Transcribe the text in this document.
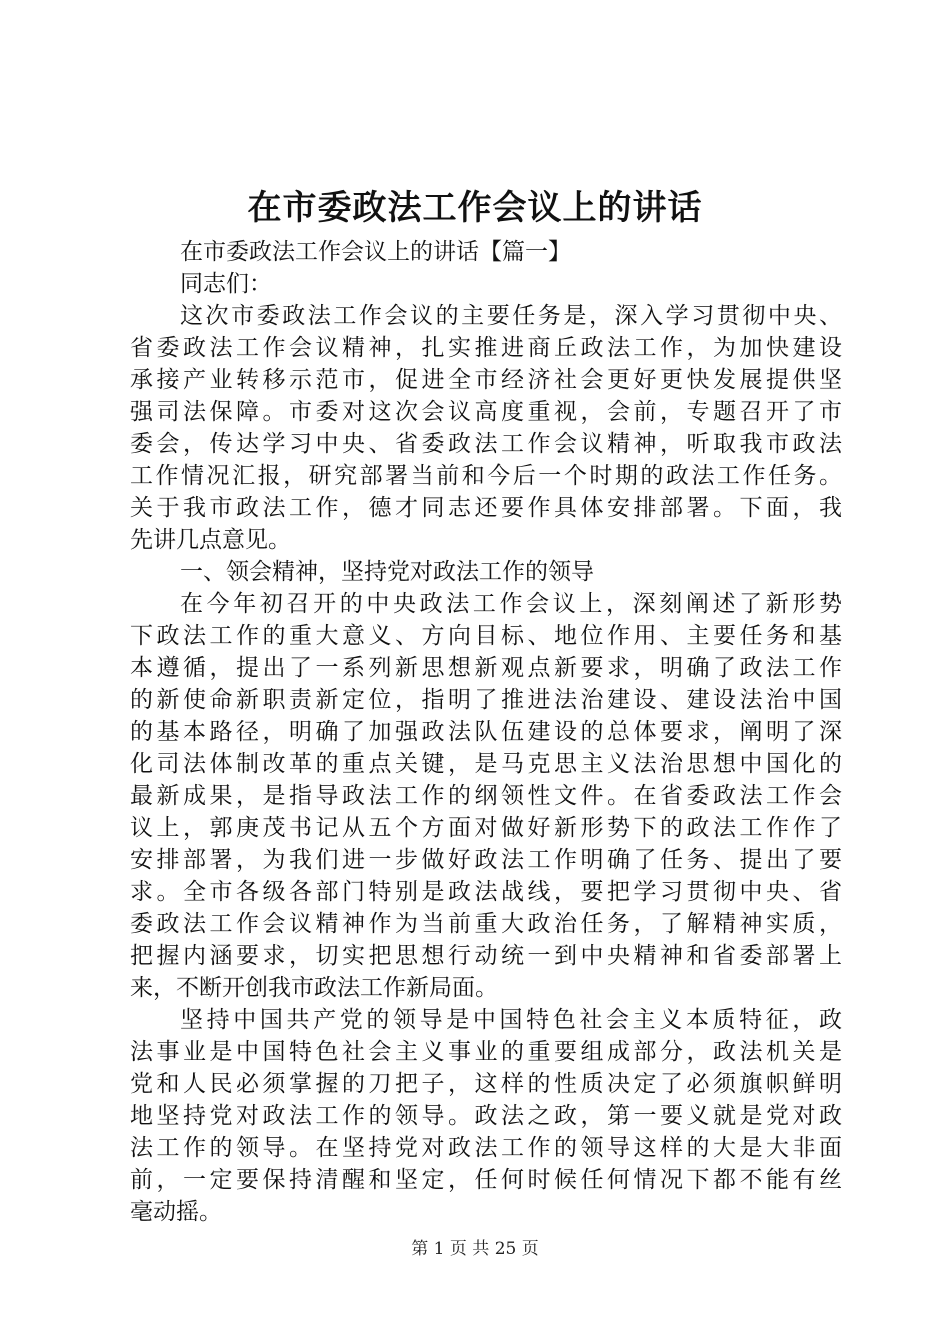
在市委政法工作会议上的讲话
在市委政法工作会议上的讲话【篇一】
同志们：
这次市委政法工作会议的主要任务是，深入学习贯彻中央、
省委政法工作会议精神，扎实推进商丘政法工作，为加快建设
承接产业转移示范市，促进全市经济社会更好更快发展提供坚
强司法保障。市委对这次会议高度重视，会前，专题召开了市
委会，传达学习中央、省委政法工作会议精神，听取我市政法
工作情况汇报，研究部署当前和今后一个时期的政法工作任务。
关于我市政法工作，德才同志还要作具体安排部署。下面，我
先讲几点意见。
一、领会精神，坚持党对政法工作的领导
在今年初召开的中央政法工作会议上，深刻阐述了新形势
下政法工作的重大意义、方向目标、地位作用、主要任务和基
本遵循，提出了一系列新思想新观点新要求，明确了政法工作
的新使命新职责新定位，指明了推进法治建设、建设法治中国
的基本路径，明确了加强政法队伍建设的总体要求，阐明了深
化司法体制改革的重点关键，是马克思主义法治思想中国化的
最新成果，是指导政法工作的纲领性文件。在省委政法工作会
议上，郭庚茂书记从五个方面对做好新形势下的政法工作作了
安排部署，为我们进一步做好政法工作明确了任务、提出了要
求。全市各级各部门特别是政法战线，要把学习贯彻中央、省
委政法工作会议精神作为当前重大政治任务，了解精神实质，
把握内涵要求，切实把思想行动统一到中央精神和省委部署上
来，不断开创我市政法工作新局面。
坚持中国共产党的领导是中国特色社会主义本质特征，政
法事业是中国特色社会主义事业的重要组成部分，政法机关是
党和人民必须掌握的刀把子，这样的性质决定了必须旗帜鲜明
地坚持党对政法工作的领导。政法之政，第一要义就是党对政
法工作的领导。在坚持党对政法工作的领导这样的大是大非面
前，一定要保持清醒和坚定，任何时候任何情况下都不能有丝
毫动摇。
第 1 页 共 25 页
